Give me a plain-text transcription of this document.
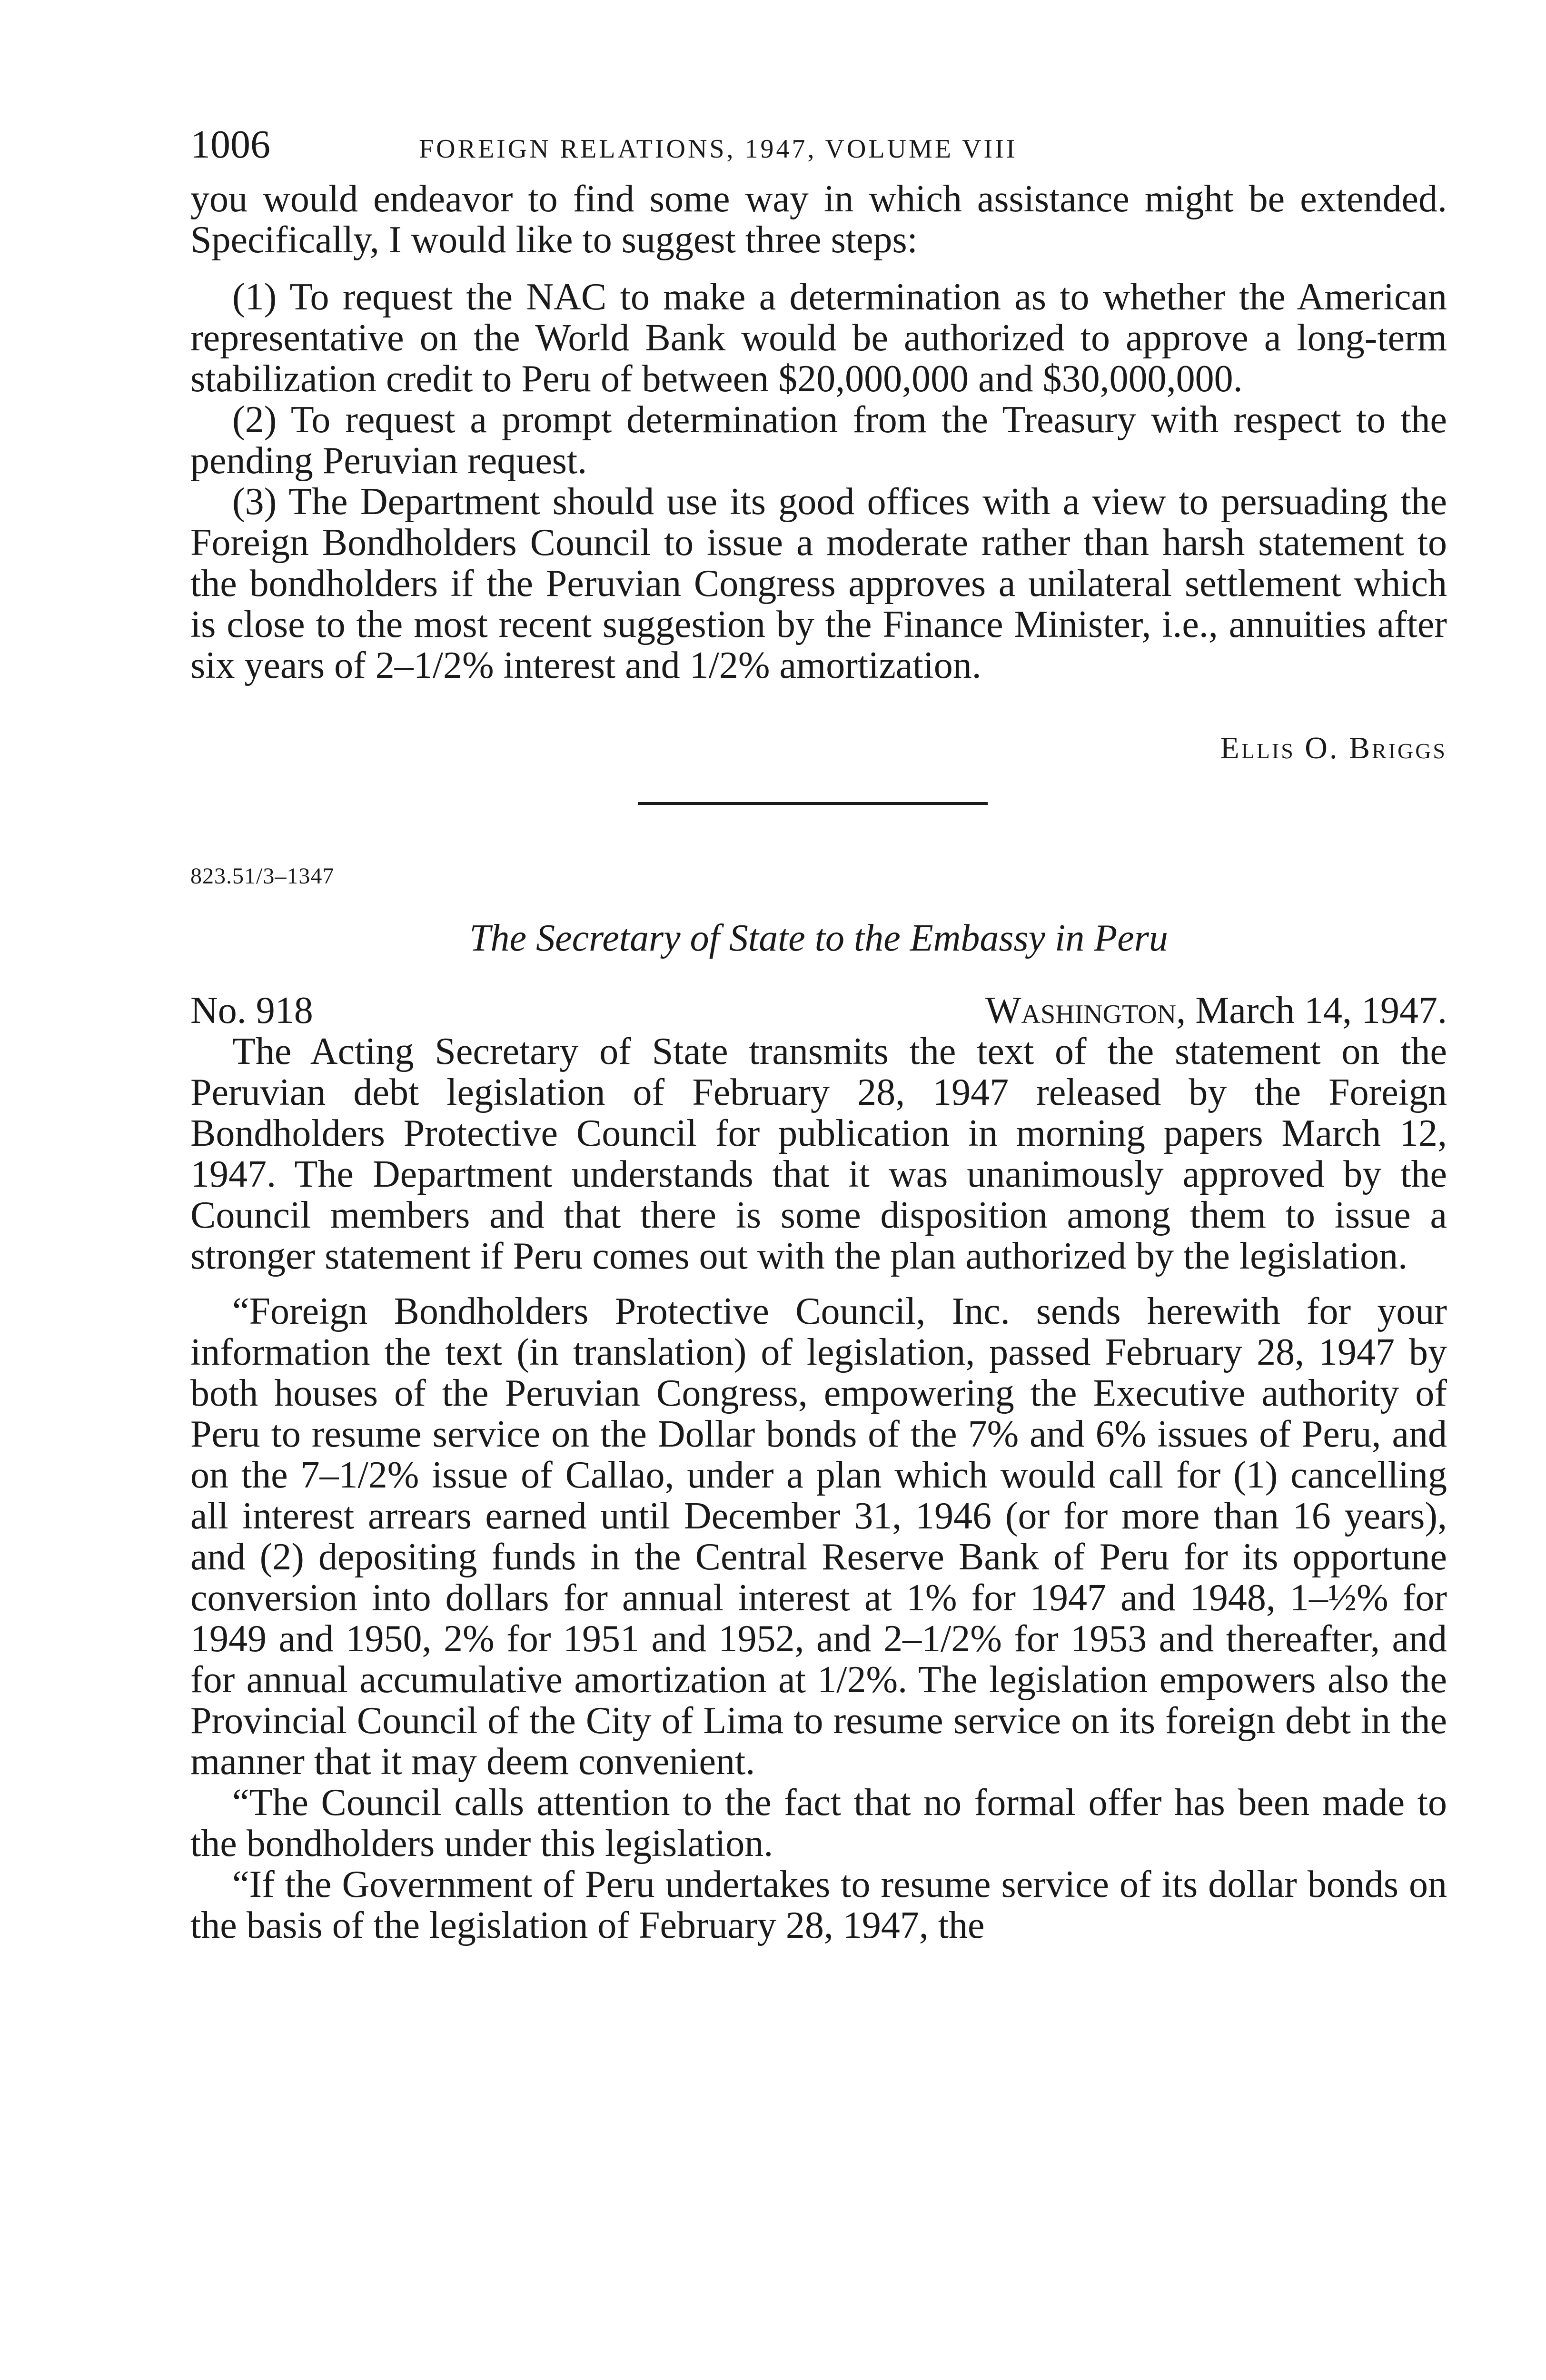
1006	FOREIGN RELATIONS, 1947, VOLUME VIII

you would endeavor to find some way in which assistance might be extended. Specifically, I would like to suggest three steps:

(1) To request the NAC to make a determination as to whether the American representative on the World Bank would be authorized to approve a long-term stabilization credit to Peru of between $20,000,000 and $30,000,000.

(2) To request a prompt determination from the Treasury with respect to the pending Peruvian request.

(3) The Department should use its good offices with a view to persuading the Foreign Bondholders Council to issue a moderate rather than harsh statement to the bondholders if the Peruvian Congress approves a unilateral settlement which is close to the most recent suggestion by the Finance Minister, i.e., annuities after six years of 2–1/2% interest and 1/2% amortization.

Ellis O. Briggs
823.51/3–1347
The Secretary of State to the Embassy in Peru
No. 918	Washington, March 14, 1947.

The Acting Secretary of State transmits the text of the statement on the Peruvian debt legislation of February 28, 1947 released by the Foreign Bondholders Protective Council for publication in morning papers March 12, 1947. The Department understands that it was unanimously approved by the Council members and that there is some disposition among them to issue a stronger statement if Peru comes out with the plan authorized by the legislation.

“Foreign Bondholders Protective Council, Inc. sends herewith for your information the text (in translation) of legislation, passed February 28, 1947 by both houses of the Peruvian Congress, empowering the Executive authority of Peru to resume service on the Dollar bonds of the 7% and 6% issues of Peru, and on the 7–1/2% issue of Callao, under a plan which would call for (1) cancelling all interest arrears earned until December 31, 1946 (or for more than 16 years), and (2) depositing funds in the Central Reserve Bank of Peru for its opportune conversion into dollars for annual interest at 1% for 1947 and 1948, 1–½% for 1949 and 1950, 2% for 1951 and 1952, and 2–1/2% for 1953 and thereafter, and for annual accumulative amortization at 1/2%. The legislation empowers also the Provincial Council of the City of Lima to resume service on its foreign debt in the manner that it may deem convenient.

“The Council calls attention to the fact that no formal offer has been made to the bondholders under this legislation.

“If the Government of Peru undertakes to resume service of its dollar bonds on the basis of the legislation of February 28, 1947, the
